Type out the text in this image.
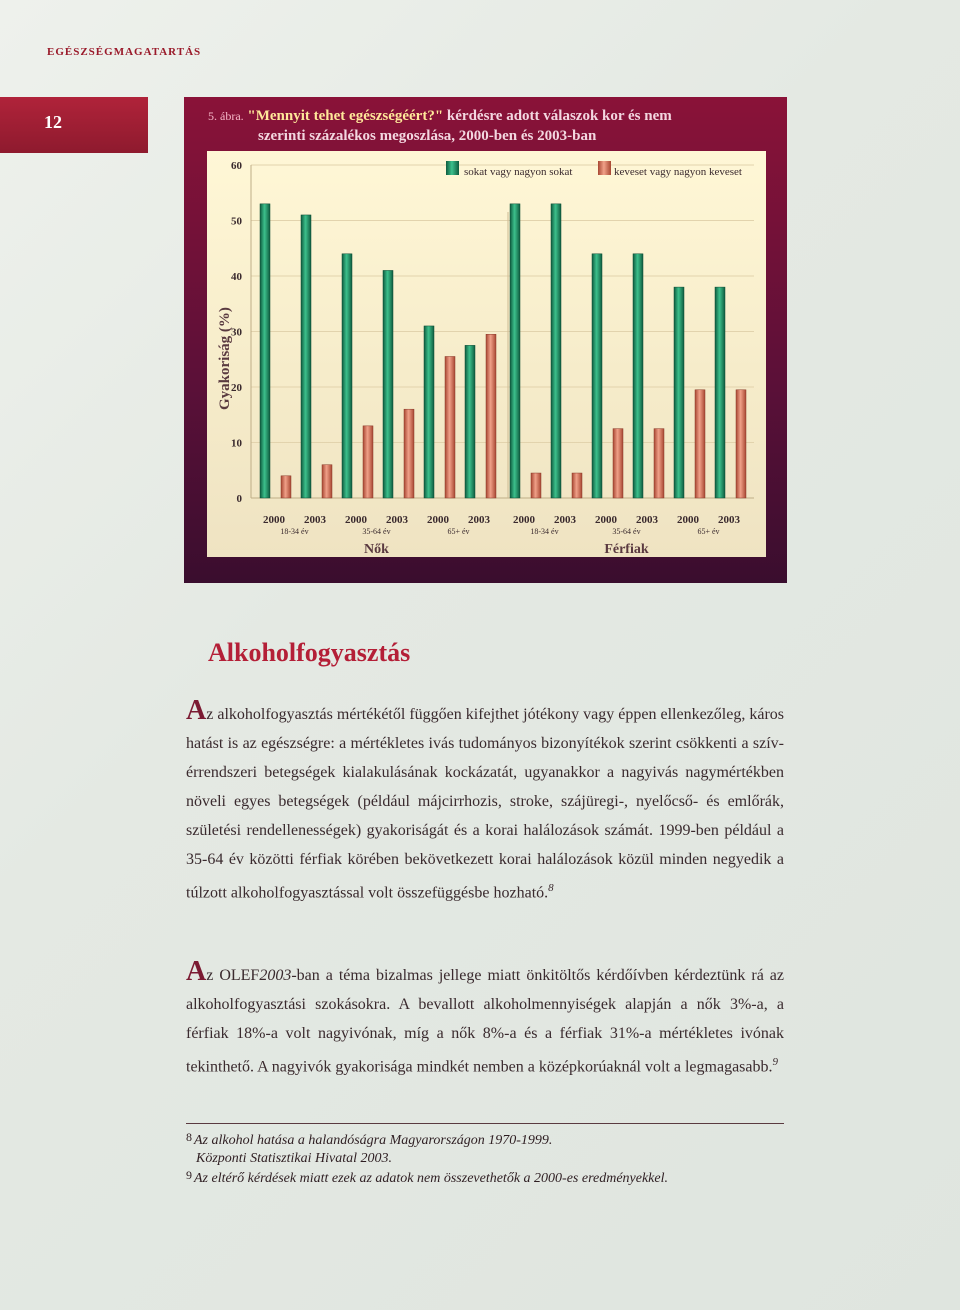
EGÉSZSÉGMAGATARTÁS
12	5. ábra. "Mennyit tehet egészségéért?" kérdésre adott válaszok kor és nem
szerinti százalékos megoszlása, 2000-ben és 2003-ban
0
10
20
30
40
50
60
2000 2003 2000 2003 2000 2003 2000 2003 2000 2003 2000 2003
18-34 év	35-64 év	65+ év	18-34 év	35-64 év	65+ év
Nők	Férfiak
sokat vagy nagyon sokat	keveset vagy nagyon keveset
Gyakoriság (%)
Alkoholfogyasztás

Az alkoholfogyasztás mértékétől függően kifejthet jótékony vagy éppen ellenkezőleg, káros hatást is az egészségre: a mértékletes ivás tudományos bizonyítékok szerint csökkenti a szív-érrendszeri betegségek kialakulásának kockázatát, ugyanakkor a nagyivás nagymértékben növeli egyes betegségek (például májcirrhozis, stroke, szájüregi-, nyelőcső- és emlőrák, születési rendellenességek) gyakoriságát és a korai halálozások számát. 1999-ben például a 35-64 év közötti férfiak körében bekövetkezett korai halálozások közül minden negyedik a túlzott alkoholfogyasztással volt összefüggésbe hozható.$^8$

Az OLEF2003-ban a téma bizalmas jellege miatt önkitöltős kérdőívben kérdeztünk rá az alkoholfogyasztási szokásokra. A bevallott alkoholmennyiségek alapján a nők 3%-a, a férfiak 18%-a volt nagyivónak, míg a nők 8%-a és a férfiak 31%-a mértékletes ivónak tekinthető. A nagyivók gyakorisága mindkét nemben a középkorúaknál volt a legmagasabb.$^9$

8 Az alkohol hatása a halandóságra Magyarországon 1970-1999.
Központi Statisztikai Hivatal 2003.

9 Az eltérő kérdések miatt ezek az adatok nem összevethetők a 2000-es eredményekkel.
